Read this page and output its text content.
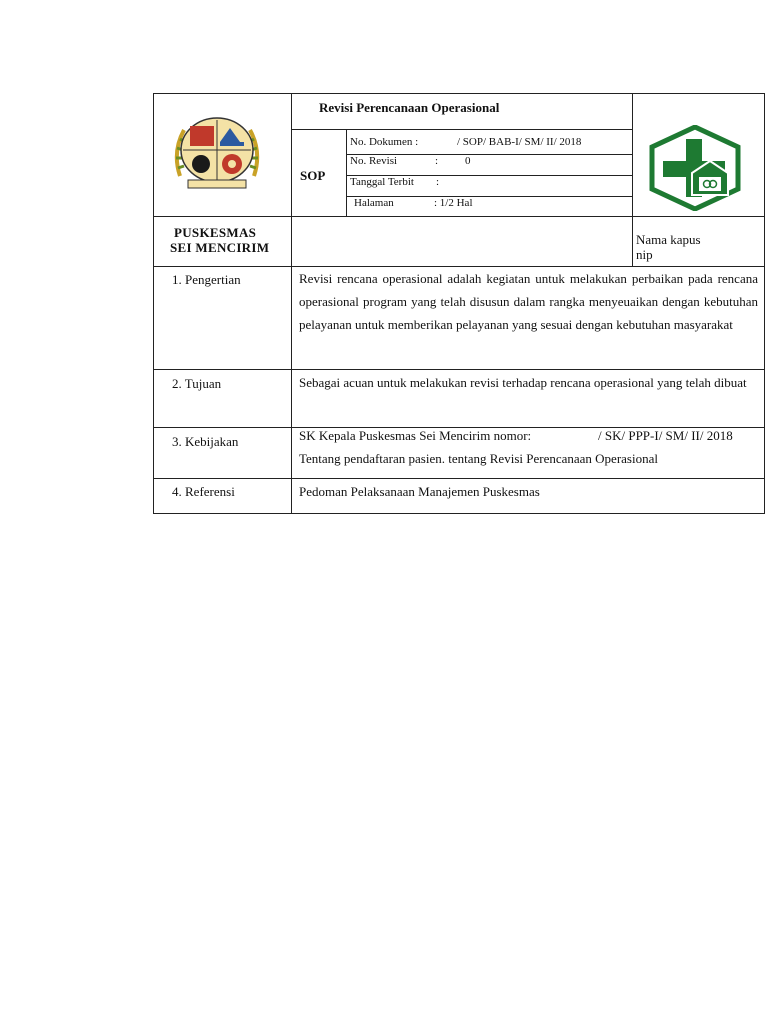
Revisi Perencanaan Operasional
SOP
No. Dokumen :	/ SOP/ BAB-I/ SM/ II/ 2018
No. Revisi	: 0
Tanggal Terbit :
Halaman	: 1/2 Hal
PUSKESMAS
SEI MENCIRIM
Nama kapus
nip
1. Pengertian	Revisi rencana operasional adalah kegiatan untuk melakukan perbaikan pada rencana operasional program yang telah disusun dalam rangka menyeuaikan dengan kebutuhan pelayanan untuk memberikan pelayanan yang sesuai dengan kebutuhan masyarakat
2. Tujuan	Sebagai acuan untuk melakukan revisi terhadap rencana operasional yang telah dibuat
3. Kebijakan	SK Kepala Puskesmas Sei Mencirim nomor:	/ SK/ PPP-I/ SM/ II/ 2018
Tentang pendaftaran pasien. tentang Revisi Perencanaan Operasional
4. Referensi	Pedoman Pelaksanaan Manajemen Puskesmas
